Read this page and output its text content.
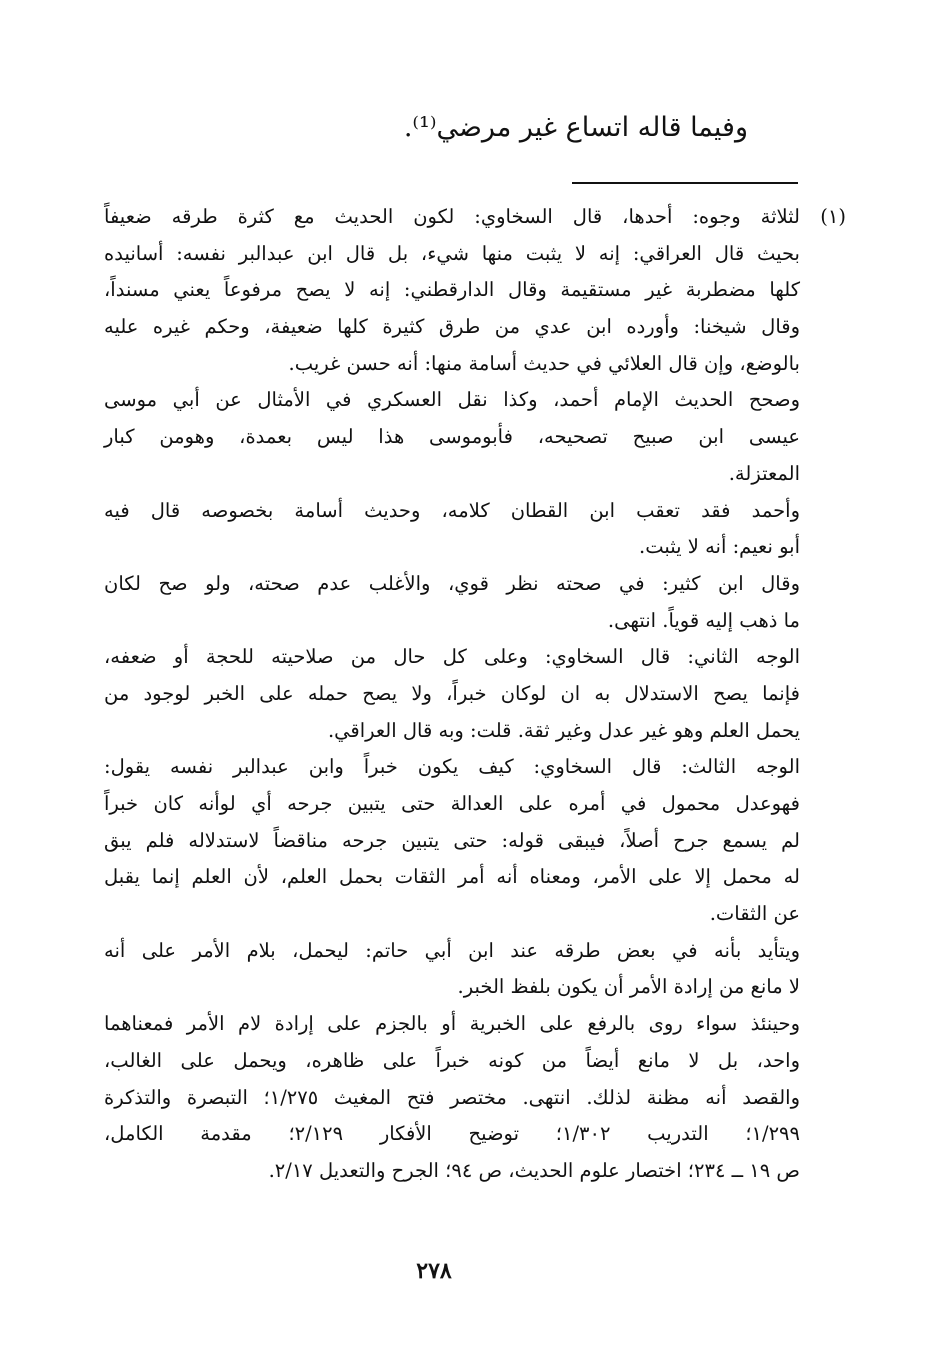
وفيما قاله اتساع غير مرضي⁽¹⁾.

(١)
لثلاثة وجوه: أحدها، قال السخاوي: لكون الحديث مع كثرة طرقه ضعيفاً
بحيث قال العراقي: إنه لا يثبت منها شيء، بل قال ابن عبدالبر نفسه: أسانيده
كلها مضطربة غير مستقيمة وقال الدارقطني: إنه لا يصح مرفوعاً يعني مسنداً،
وقال شيخنا: وأورده ابن عدي من طرق كثيرة كلها ضعيفة، وحكم غيره عليه
بالوضع، وإن قال العلائي في حديث أسامة منها: أنه حسن غريب.
وصحح الحديث الإمام أحمد، وكذا نقل العسكري في الأمثال عن أبي موسى
عيسى ابن صبيح تصحيحه، فأبوموسى هذا ليس بعمدة، وهومن كبار
المعتزلة.
وأحمد فقد تعقب ابن القطان كلامه، وحديث أسامة بخصوصه قال فيه
أبو نعيم: أنه لا يثبت.
وقال ابن كثير: في صحته نظر قوي، والأغلب عدم صحته، ولو صح لكان
ما ذهب إليه قوياً. انتهى.
الوجه الثاني: قال السخاوي: وعلى كل حال من صلاحيته للحجة أو ضعفه،
فإنما يصح الاستدلال به ان لوكان خبراً، ولا يصح حمله على الخبر لوجود من
يحمل العلم وهو غير عدل وغير ثقة. قلت: وبه قال العراقي.
الوجه الثالث: قال السخاوي: كيف يكون خبراً وابن عبدالبر نفسه يقول:
فهوعدل محمول في أمره على العدالة حتى يتبين جرحه أي لوأنه كان خبراً
لم يسمع جرح أصلاً، فيبقى قوله: حتى يتبين جرحه مناقضاً لاستدلاله فلم يبق
له محمل إلا على الأمر، ومعناه أنه أمر الثقات بحمل العلم، لأن العلم إنما يقبل
عن الثقات.
ويتأيد بأنه في بعض طرقه عند ابن أبي حاتم: ليحمل، بلام الأمر على أنه
لا مانع من إرادة الأمر أن يكون بلفظ الخبر.
وحينئذ سواء روى بالرفع على الخبرية أو بالجزم على إرادة لام الأمر فمعناهما
واحد، بل لا مانع أيضاً من كونه خبراً على ظاهره، ويحمل على الغالب،
والقصد أنه مظنة لذلك. انتهى. مختصر فتح المغيث ١/٢٧٥؛ التبصرة والتذكرة
١/٢٩٩؛ التدريب ١/٣٠٢؛ توضيح الأفكار ٢/١٢٩؛ مقدمة الكامل،
ص ١٩ ــ ٢٣٤؛ اختصار علوم الحديث، ص ٩٤؛ الجرح والتعديل ٢/١٧.

٢٧٨
